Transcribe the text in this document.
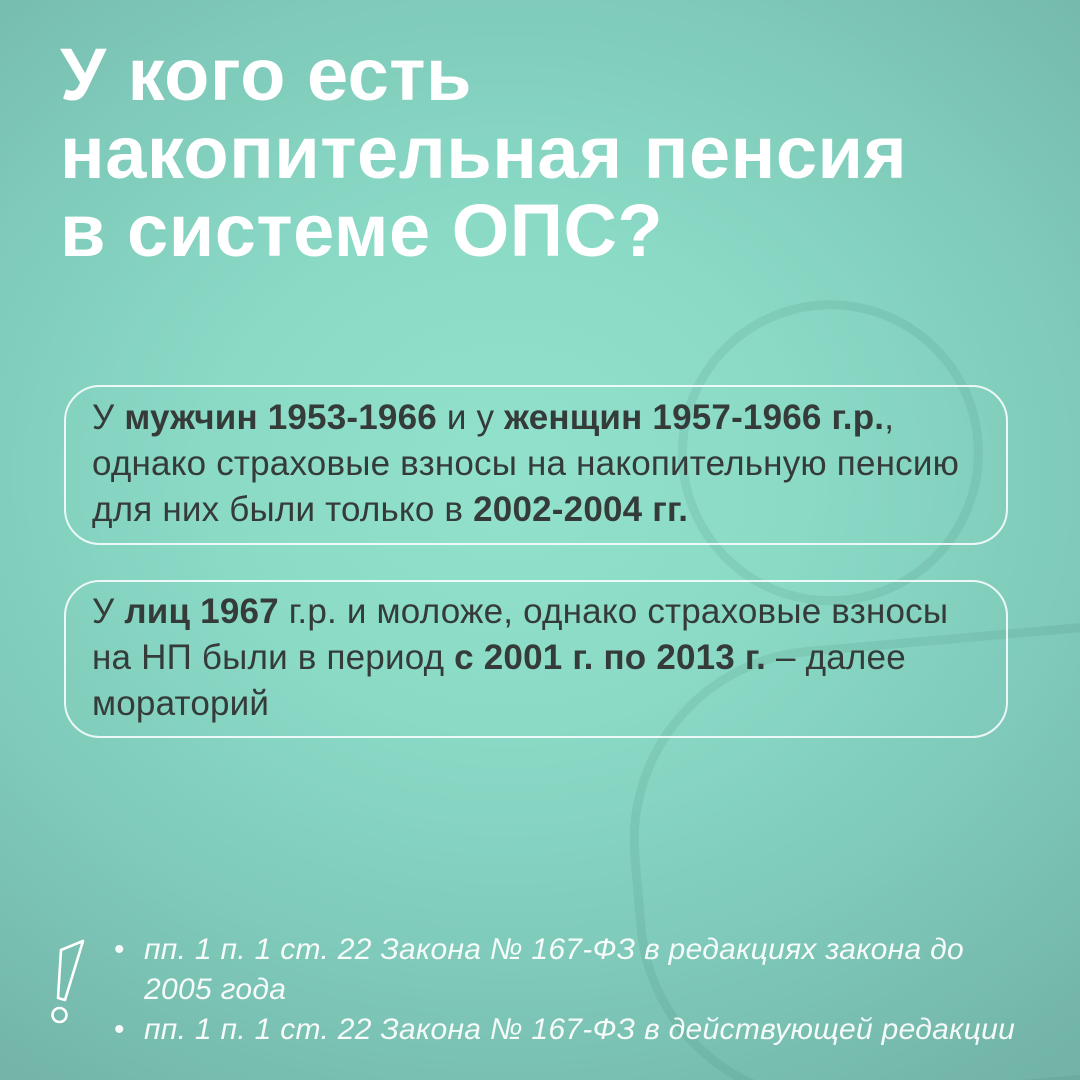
У кого есть
накопительная пенсия
в системе ОПС?

У мужчин 1953-1966 и у женщин 1957-1966 г.р., однако страховые взносы на накопительную пенсию для них были только в 2002-2004 гг.

У лиц 1967 г.р. и моложе, однако страховые взносы на НП были в период с 2001 г. по 2013 г. – далее мораторий

• пп. 1 п. 1 ст. 22 Закона № 167-ФЗ в редакциях закона до 2005 года
• пп. 1 п. 1 ст. 22 Закона № 167-ФЗ в действующей редакции
